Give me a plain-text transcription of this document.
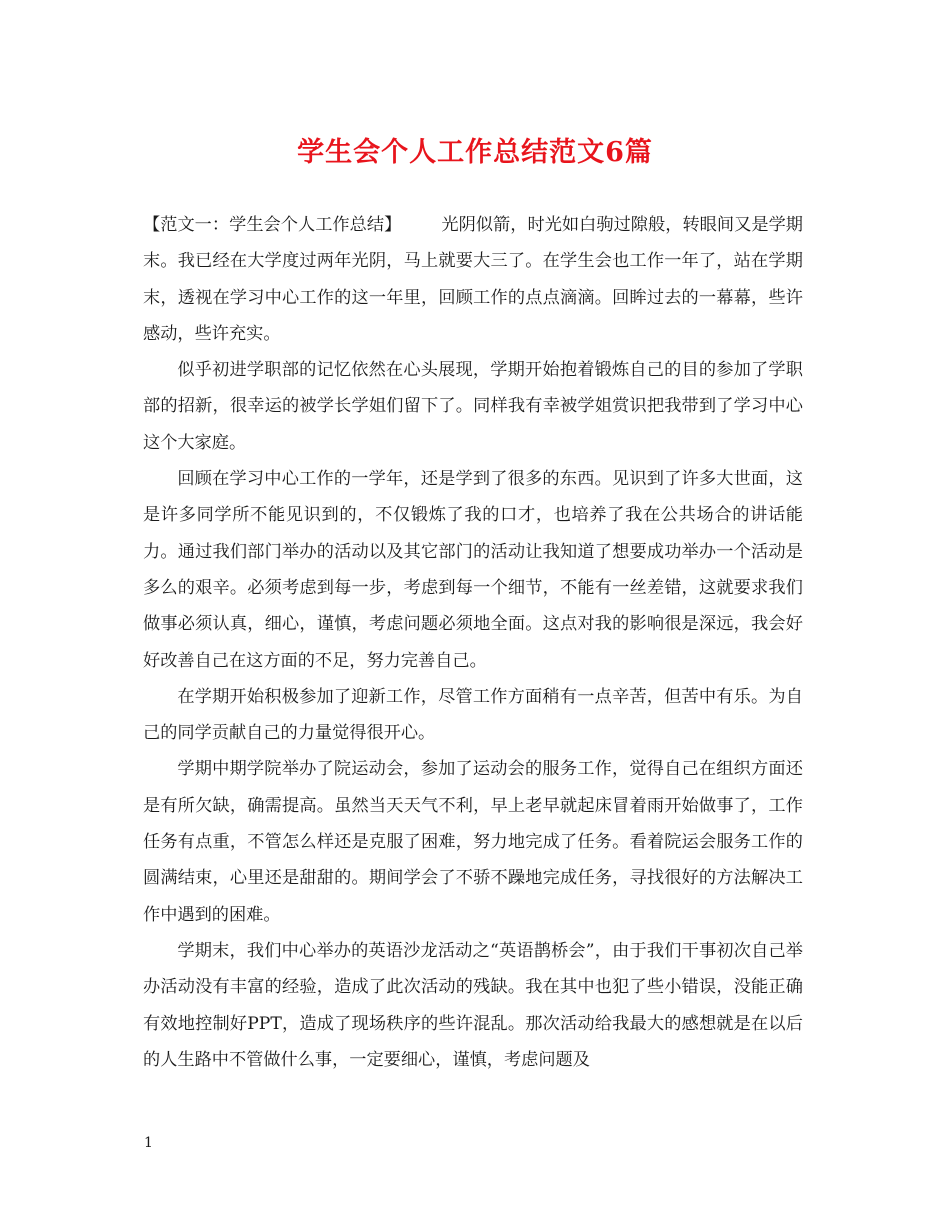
学生会个人工作总结范文6篇

【范文一：学生会个人工作总结】 光阴似箭，时光如白驹过隙般，转眼间又是学期末。我已经在大学度过两年光阴，马上就要大三了。在学生会也工作一年了，站在学期末，透视在学习中心工作的这一年里，回顾工作的点点滴滴。回眸过去的一幕幕，些许感动，些许充实。

似乎初进学职部的记忆依然在心头展现，学期开始抱着锻炼自己的目的参加了学职部的招新，很幸运的被学长学姐们留下了。同样我有幸被学姐赏识把我带到了学习中心这个大家庭。

回顾在学习中心工作的一学年，还是学到了很多的东西。见识到了许多大世面，这是许多同学所不能见识到的，不仅锻炼了我的口才，也培养了我在公共场合的讲话能力。通过我们部门举办的活动以及其它部门的活动让我知道了想要成功举办一个活动是多么的艰辛。必须考虑到每一步，考虑到每一个细节，不能有一丝差错，这就要求我们做事必须认真，细心，谨慎，考虑问题必须地全面。这点对我的影响很是深远，我会好好改善自己在这方面的不足，努力完善自己。

在学期开始积极参加了迎新工作，尽管工作方面稍有一点辛苦，但苦中有乐。为自己的同学贡献自己的力量觉得很开心。

学期中期学院举办了院运动会，参加了运动会的服务工作，觉得自己在组织方面还是有所欠缺，确需提高。虽然当天天气不利，早上老早就起床冒着雨开始做事了，工作任务有点重，不管怎么样还是克服了困难，努力地完成了任务。看着院运会服务工作的圆满结束，心里还是甜甜的。期间学会了不骄不躁地完成任务，寻找很好的方法解决工作中遇到的困难。

学期末，我们中心举办的英语沙龙活动之“英语鹊桥会”，由于我们干事初次自己举办活动没有丰富的经验，造成了此次活动的残缺。我在其中也犯了些小错误，没能正确有效地控制好PPT，造成了现场秩序的些许混乱。那次活动给我最大的感想就是在以后的人生路中不管做什么事，一定要细心，谨慎，考虑问题及

1
